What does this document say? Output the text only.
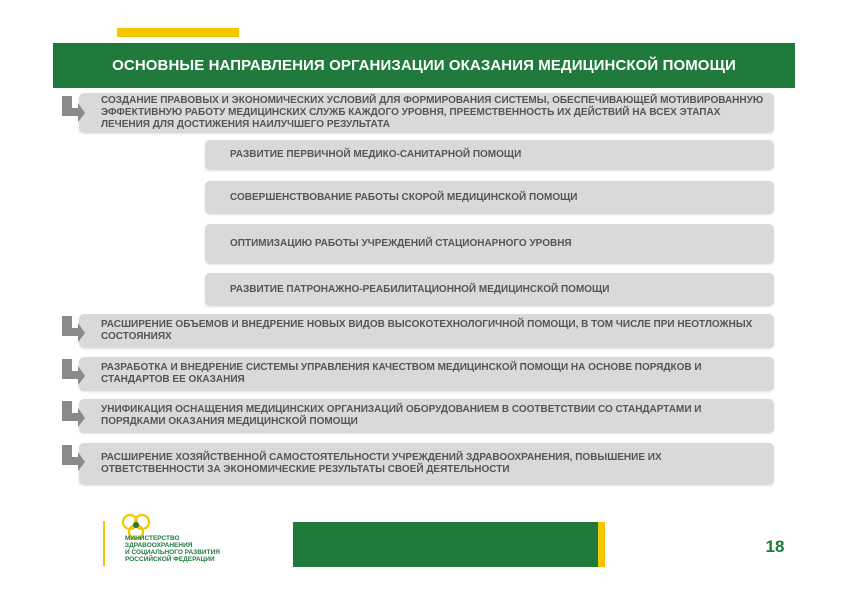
ОСНОВНЫЕ НАПРАВЛЕНИЯ ОРГАНИЗАЦИИ ОКАЗАНИЯ МЕДИЦИНСКОЙ ПОМОЩИ
СОЗДАНИЕ ПРАВОВЫХ И ЭКОНОМИЧЕСКИХ УСЛОВИЙ ДЛЯ ФОРМИРОВАНИЯ СИСТЕМЫ, ОБЕСПЕЧИВАЮЩЕЙ МОТИВИРОВАННУЮ ЭФФЕКТИВНУЮ РАБОТУ МЕДИЦИНСКИХ СЛУЖБ КАЖДОГО УРОВНЯ, ПРЕЕМСТВЕННОСТЬ ИХ ДЕЙСТВИЙ НА ВСЕХ ЭТАПАХ ЛЕЧЕНИЯ ДЛЯ ДОСТИЖЕНИЯ НАИЛУЧШЕГО РЕЗУЛЬТАТА
РАЗВИТИЕ ПЕРВИЧНОЙ МЕДИКО-САНИТАРНОЙ ПОМОЩИ
СОВЕРШЕНСТВОВАНИЕ РАБОТЫ СКОРОЙ МЕДИЦИНСКОЙ ПОМОЩИ
ОПТИМИЗАЦИЮ РАБОТЫ УЧРЕЖДЕНИЙ СТАЦИОНАРНОГО УРОВНЯ
РАЗВИТИЕ ПАТРОНАЖНО-РЕАБИЛИТАЦИОННОЙ МЕДИЦИНСКОЙ ПОМОЩИ
РАСШИРЕНИЕ ОБЪЕМОВ И ВНЕДРЕНИЕ НОВЫХ ВИДОВ ВЫСОКОТЕХНОЛОГИЧНОЙ ПОМОЩИ, В ТОМ ЧИСЛЕ ПРИ НЕОТЛОЖНЫХ СОСТОЯНИЯХ
РАЗРАБОТКА И ВНЕДРЕНИЕ СИСТЕМЫ УПРАВЛЕНИЯ КАЧЕСТВОМ МЕДИЦИНСКОЙ ПОМОЩИ НА ОСНОВЕ ПОРЯДКОВ И СТАНДАРТОВ ЕЕ ОКАЗАНИЯ
УНИФИКАЦИЯ ОСНАЩЕНИЯ МЕДИЦИНСКИХ ОРГАНИЗАЦИЙ ОБОРУДОВАНИЕМ В СООТВЕТСТВИИ СО СТАНДАРТАМИ И ПОРЯДКАМИ ОКАЗАНИЯ МЕДИЦИНСКОЙ ПОМОЩИ
РАСШИРЕНИЕ ХОЗЯЙСТВЕННОЙ САМОСТОЯТЕЛЬНОСТИ УЧРЕЖДЕНИЙ ЗДРАВООХРАНЕНИЯ, ПОВЫШЕНИЕ ИХ ОТВЕТСТВЕННОСТИ ЗА ЭКОНОМИЧЕСКИЕ РЕЗУЛЬТАТЫ СВОЕЙ ДЕЯТЕЛЬНОСТИ
МИНИСТЕРСТВО
ЗДРАВООХРАНЕНИЯ
И СОЦИАЛЬНОГО РАЗВИТИЯ
РОССИЙСКОЙ ФЕДЕРАЦИИ
18
